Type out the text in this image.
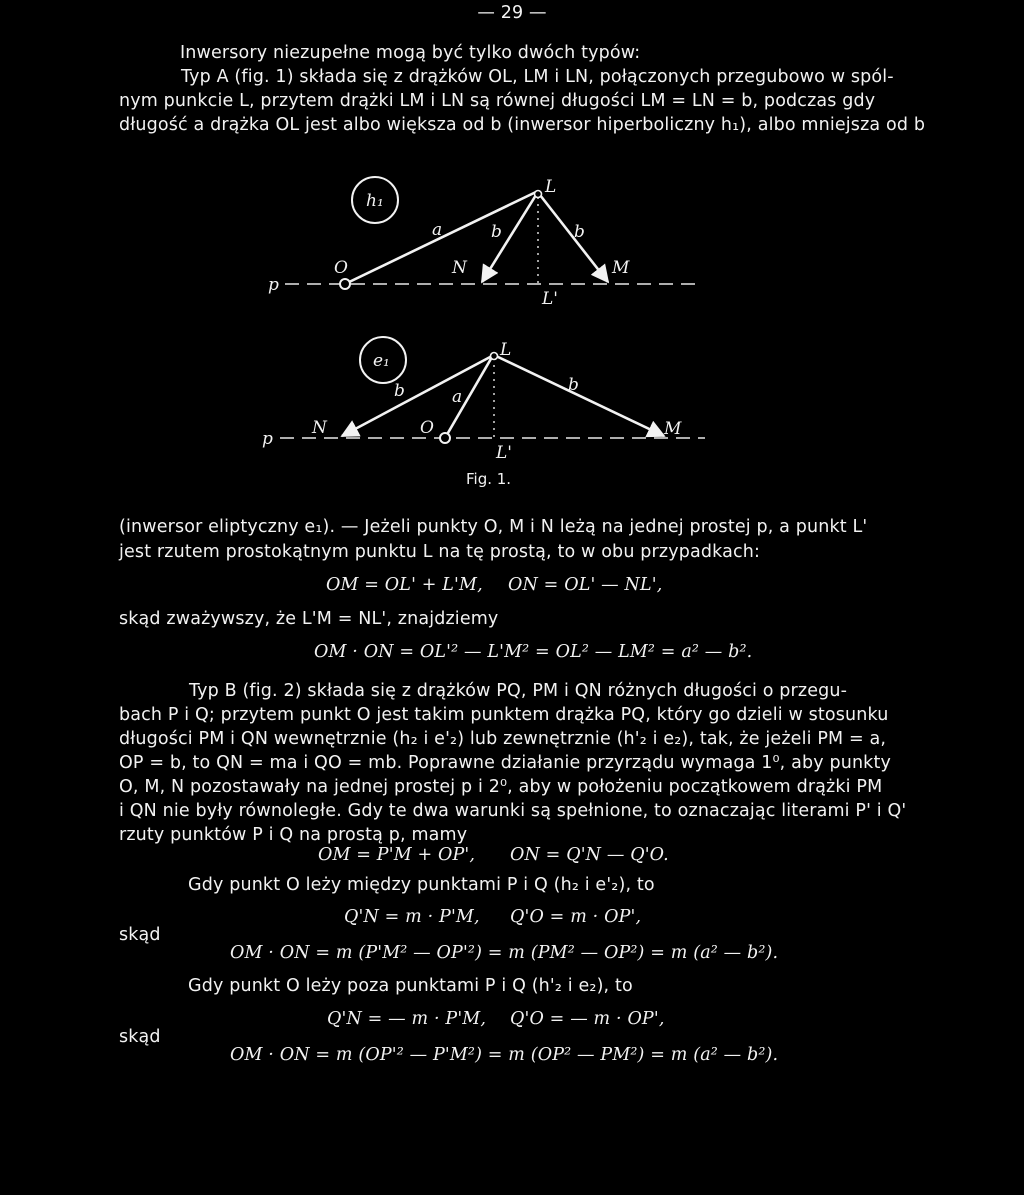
— 29 —
Inwersory niezupełne mogą być tylko dwóch typów:
Typ A (fig. 1) składa się z drążków OL, LM i LN, połączonych przegubowo w spól-
nym punkcie L, przytem drążki LM i LN są równej długości LM = LN = b, podczas gdy
długość a drążka OL jest albo większa od b (inwersor hiperboliczny h₁), albo mniejsza od b
h₁
p
O	N
L
L'
M
a	b	b
e₁
p
N	O
L
L'
M
a
b	b
Fig. 1.
(inwersor eliptyczny e₁). — Jeżeli punkty O, M i N leżą na jednej prostej p, a punkt L'
jest rzutem prostokątnym punktu L na tę prostą, to w obu przypadkach:
OM = OL' + L'M, ON = OL' — NL',
skąd zważywszy, że L'M = NL', znajdziemy
OM · ON = OL'² — L'M² = OL² — LM² = a² — b².
Typ B (fig. 2) składa się z drążków PQ, PM i QN różnych długości o przegu-
bach P i Q; przytem punkt O jest takim punktem drążka PQ, który go dzieli w stosunku
długości PM i QN wewnętrznie (h₂ i e'₂) lub zewnętrznie (h'₂ i e₂), tak, że jeżeli PM = a,
OP = b, to QN = ma i QO = mb. Poprawne działanie przyrządu wymaga 1⁰, aby punkty
O, M, N pozostawały na jednej prostej p i 2⁰, aby w położeniu początkowem drążki PM
i QN nie były równoległe. Gdy te dwa warunki są spełnione, to oznaczając literami P' i Q'
rzuty punktów P i Q na prostą p, mamy
OM = P'M + OP', ON = Q'N — Q'O.
Gdy punkt O leży między punktami P i Q (h₂ i e'₂), to
Q'N = m · P'M, Q'O = m · OP',
skąd
OM · ON = m (P'M² — OP'²) = m (PM² — OP²) = m (a² — b²).
Gdy punkt O leży poza punktami P i Q (h'₂ i e₂), to
Q'N = — m · P'M, Q'O = — m · OP',
skąd
OM · ON = m (OP'² — P'M²) = m (OP² — PM²) = m (a² — b²).
